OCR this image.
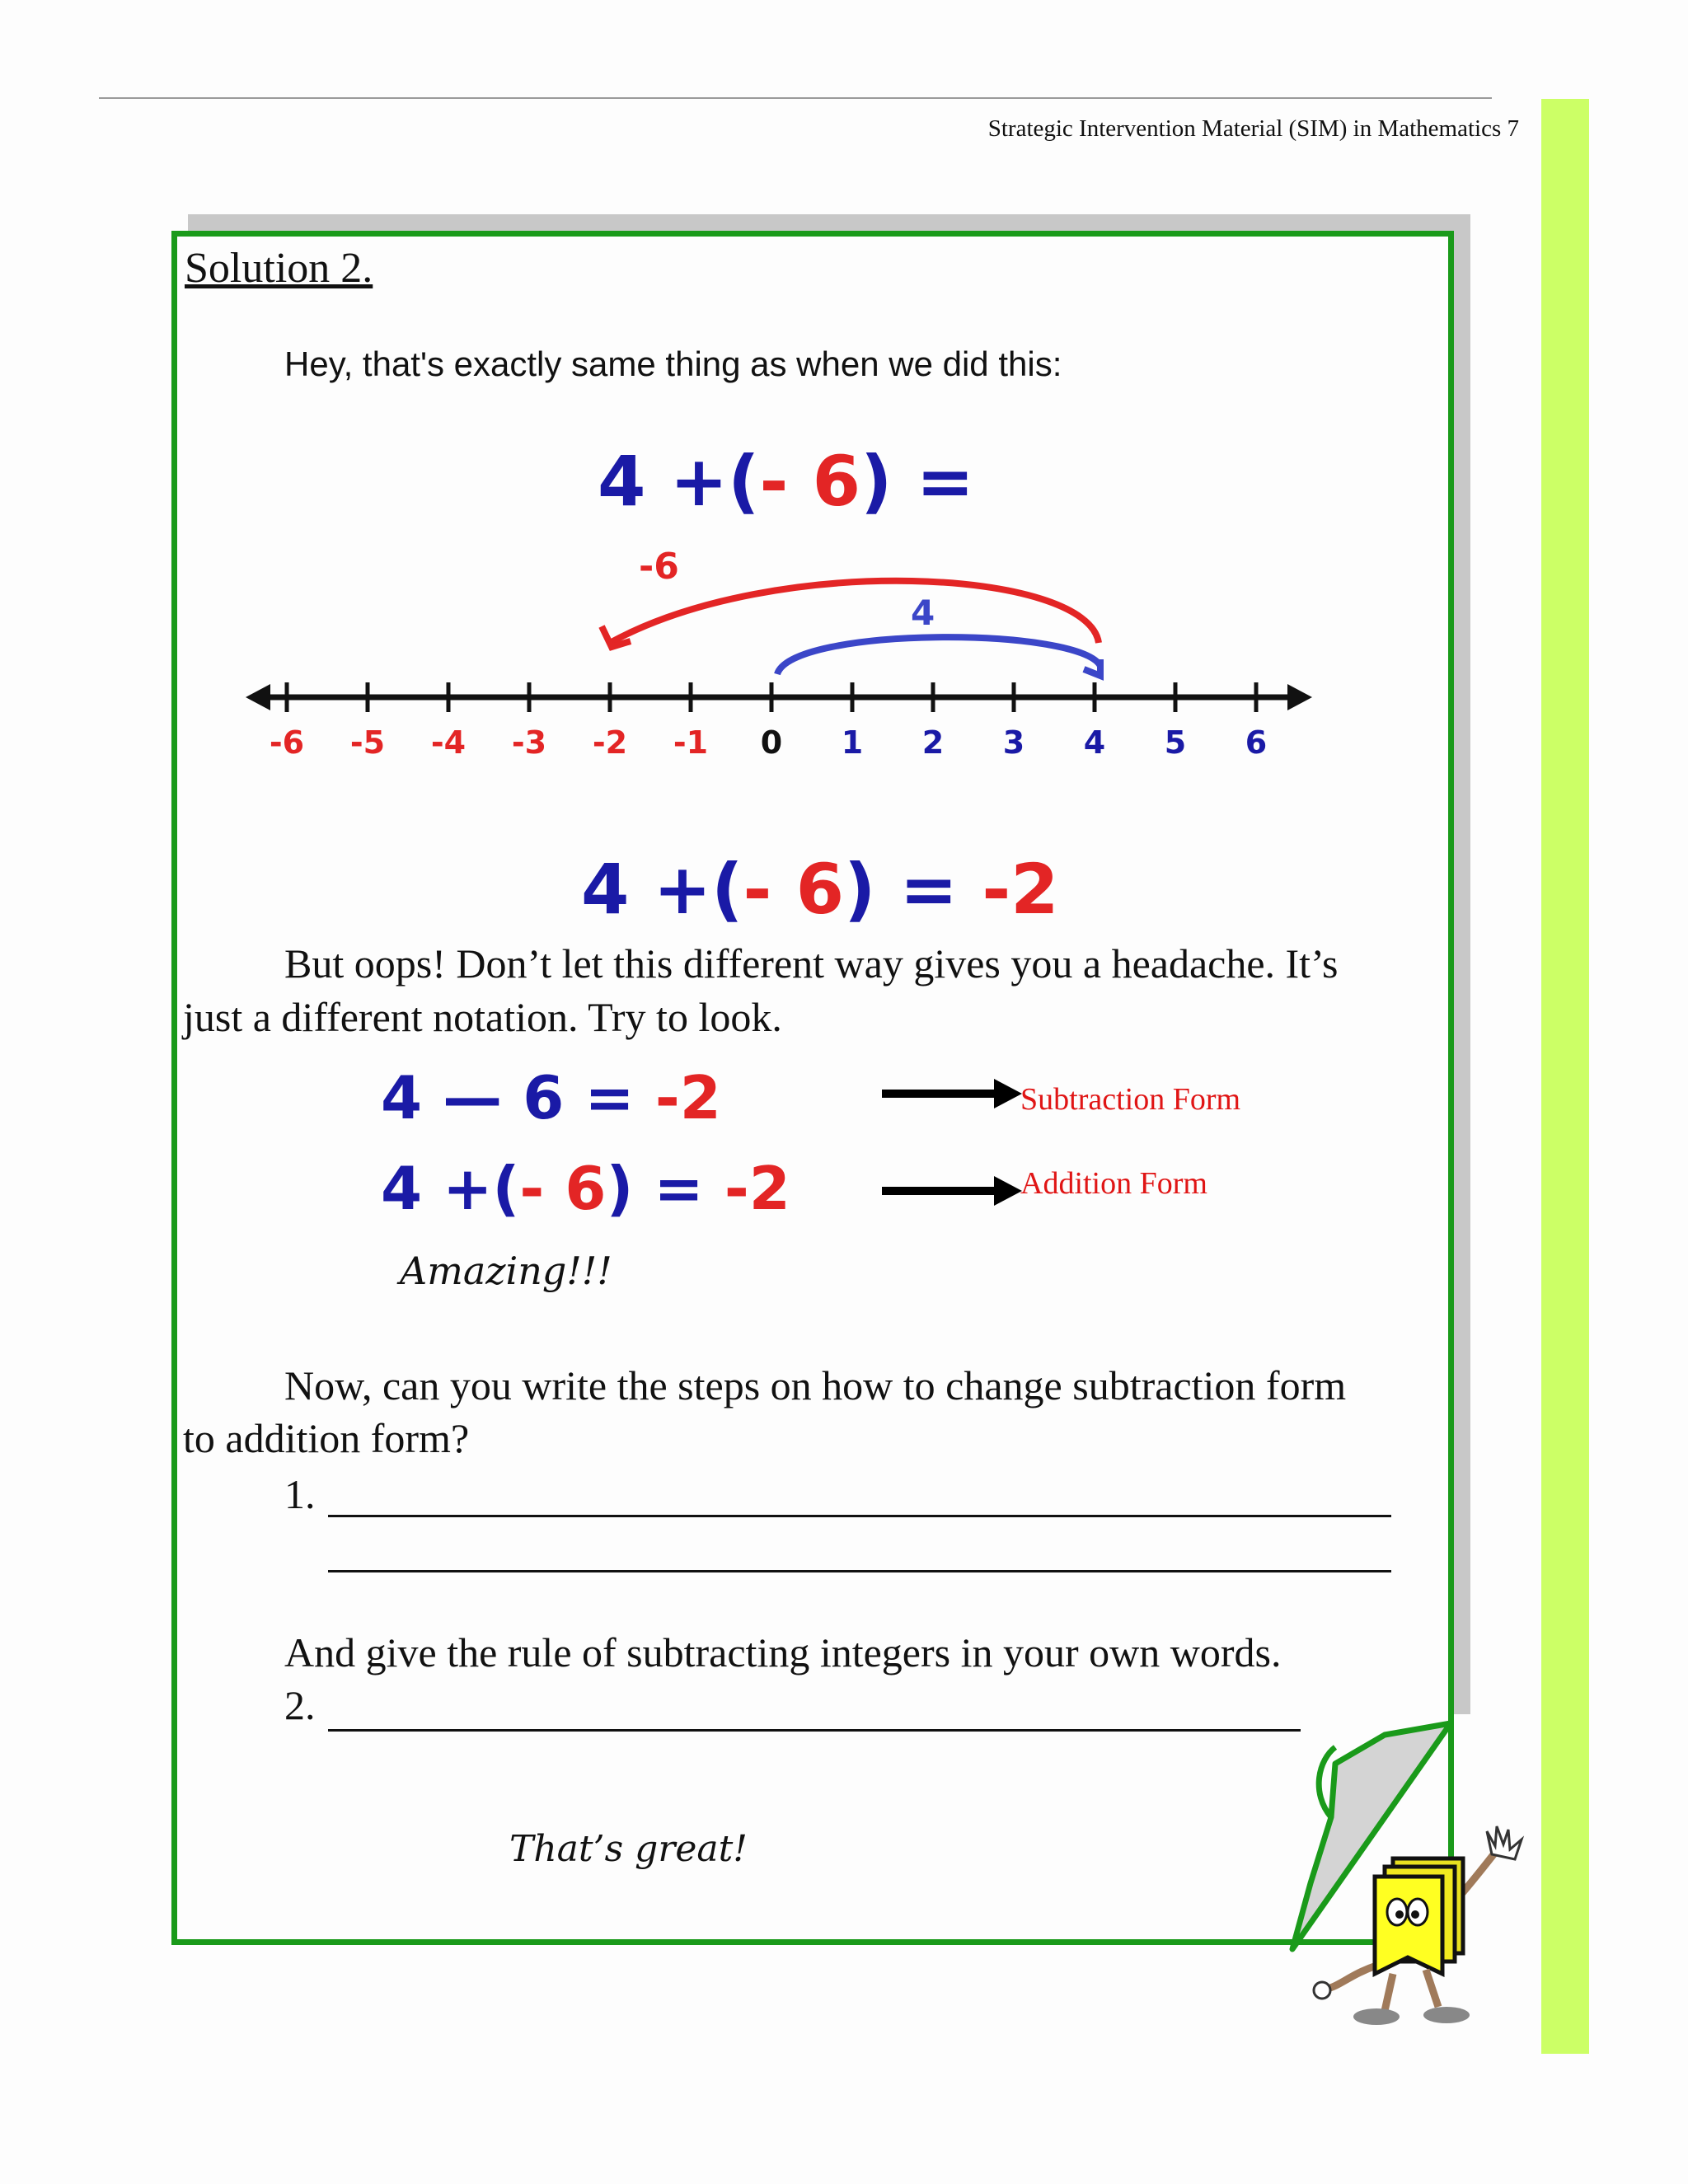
Strategic Intervention Material (SIM) in Mathematics 7
Solution 2.
Hey, that's exactly same thing as when we did this:
4 +(- 6) =
-6
4
-6 -5 -4 -3 -2 -1 0 1 2 3 4 5 6
4 +(- 6) = -2
But oops! Don’t let this different way gives you a headache. It’s
just a different notation. Try to look.
4 — 6 = -2	Subtraction Form
4 +(- 6) = -2	Addition Form
Amazing!!!
Now, can you write the steps on how to change subtraction form
to addition form?
1.
And give the rule of subtracting integers in your own words.
2.
That’s great!
